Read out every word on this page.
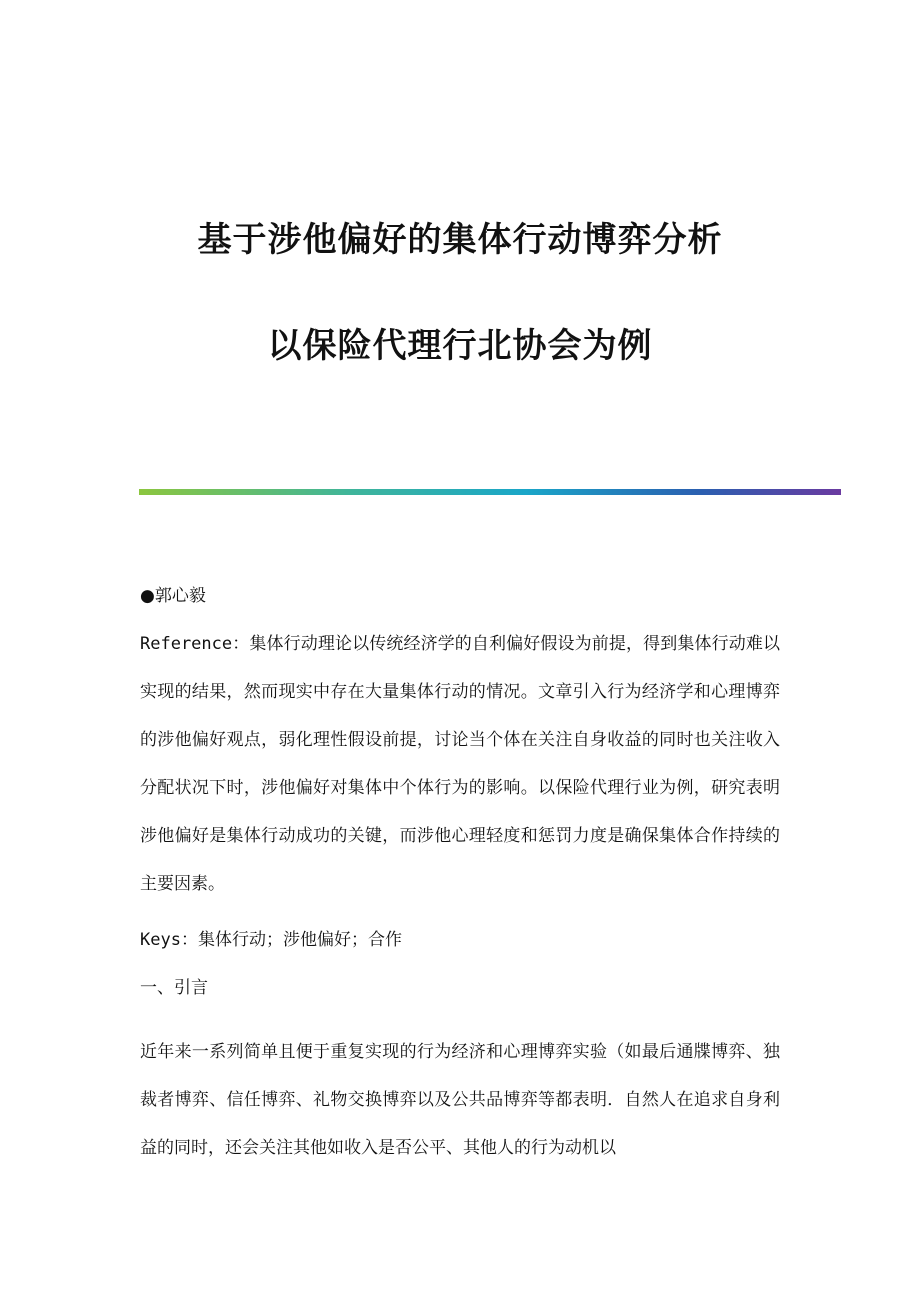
基于涉他偏好的集体行动博弈分析
以保险代理行北协会为例

●郭心毅

Reference：集体行动理论以传统经济学的自利偏好假设为前提，得到集体行动难以实现的结果，然而现实中存在大量集体行动的情况。文章引入行为经济学和心理博弈的涉他偏好观点，弱化理性假设前提，讨论当个体在关注自身收益的同时也关注收入分配状况下时，涉他偏好对集体中个体行为的影响。以保险代理行业为例，研究表明涉他偏好是集体行动成功的关键，而涉他心理轻度和惩罚力度是确保集体合作持续的主要因素。

Keys：集体行动；涉他偏好；合作

一、引言

近年来一系列简单且便于重复实现的行为经济和心理博弈实验（如最后通牒博弈、独裁者博弈、信任博弈、礼物交换博弈以及公共品博弈等都表明．自然人在追求自身利益的同时，还会关注其他如收入是否公平、其他人的行为动机以
